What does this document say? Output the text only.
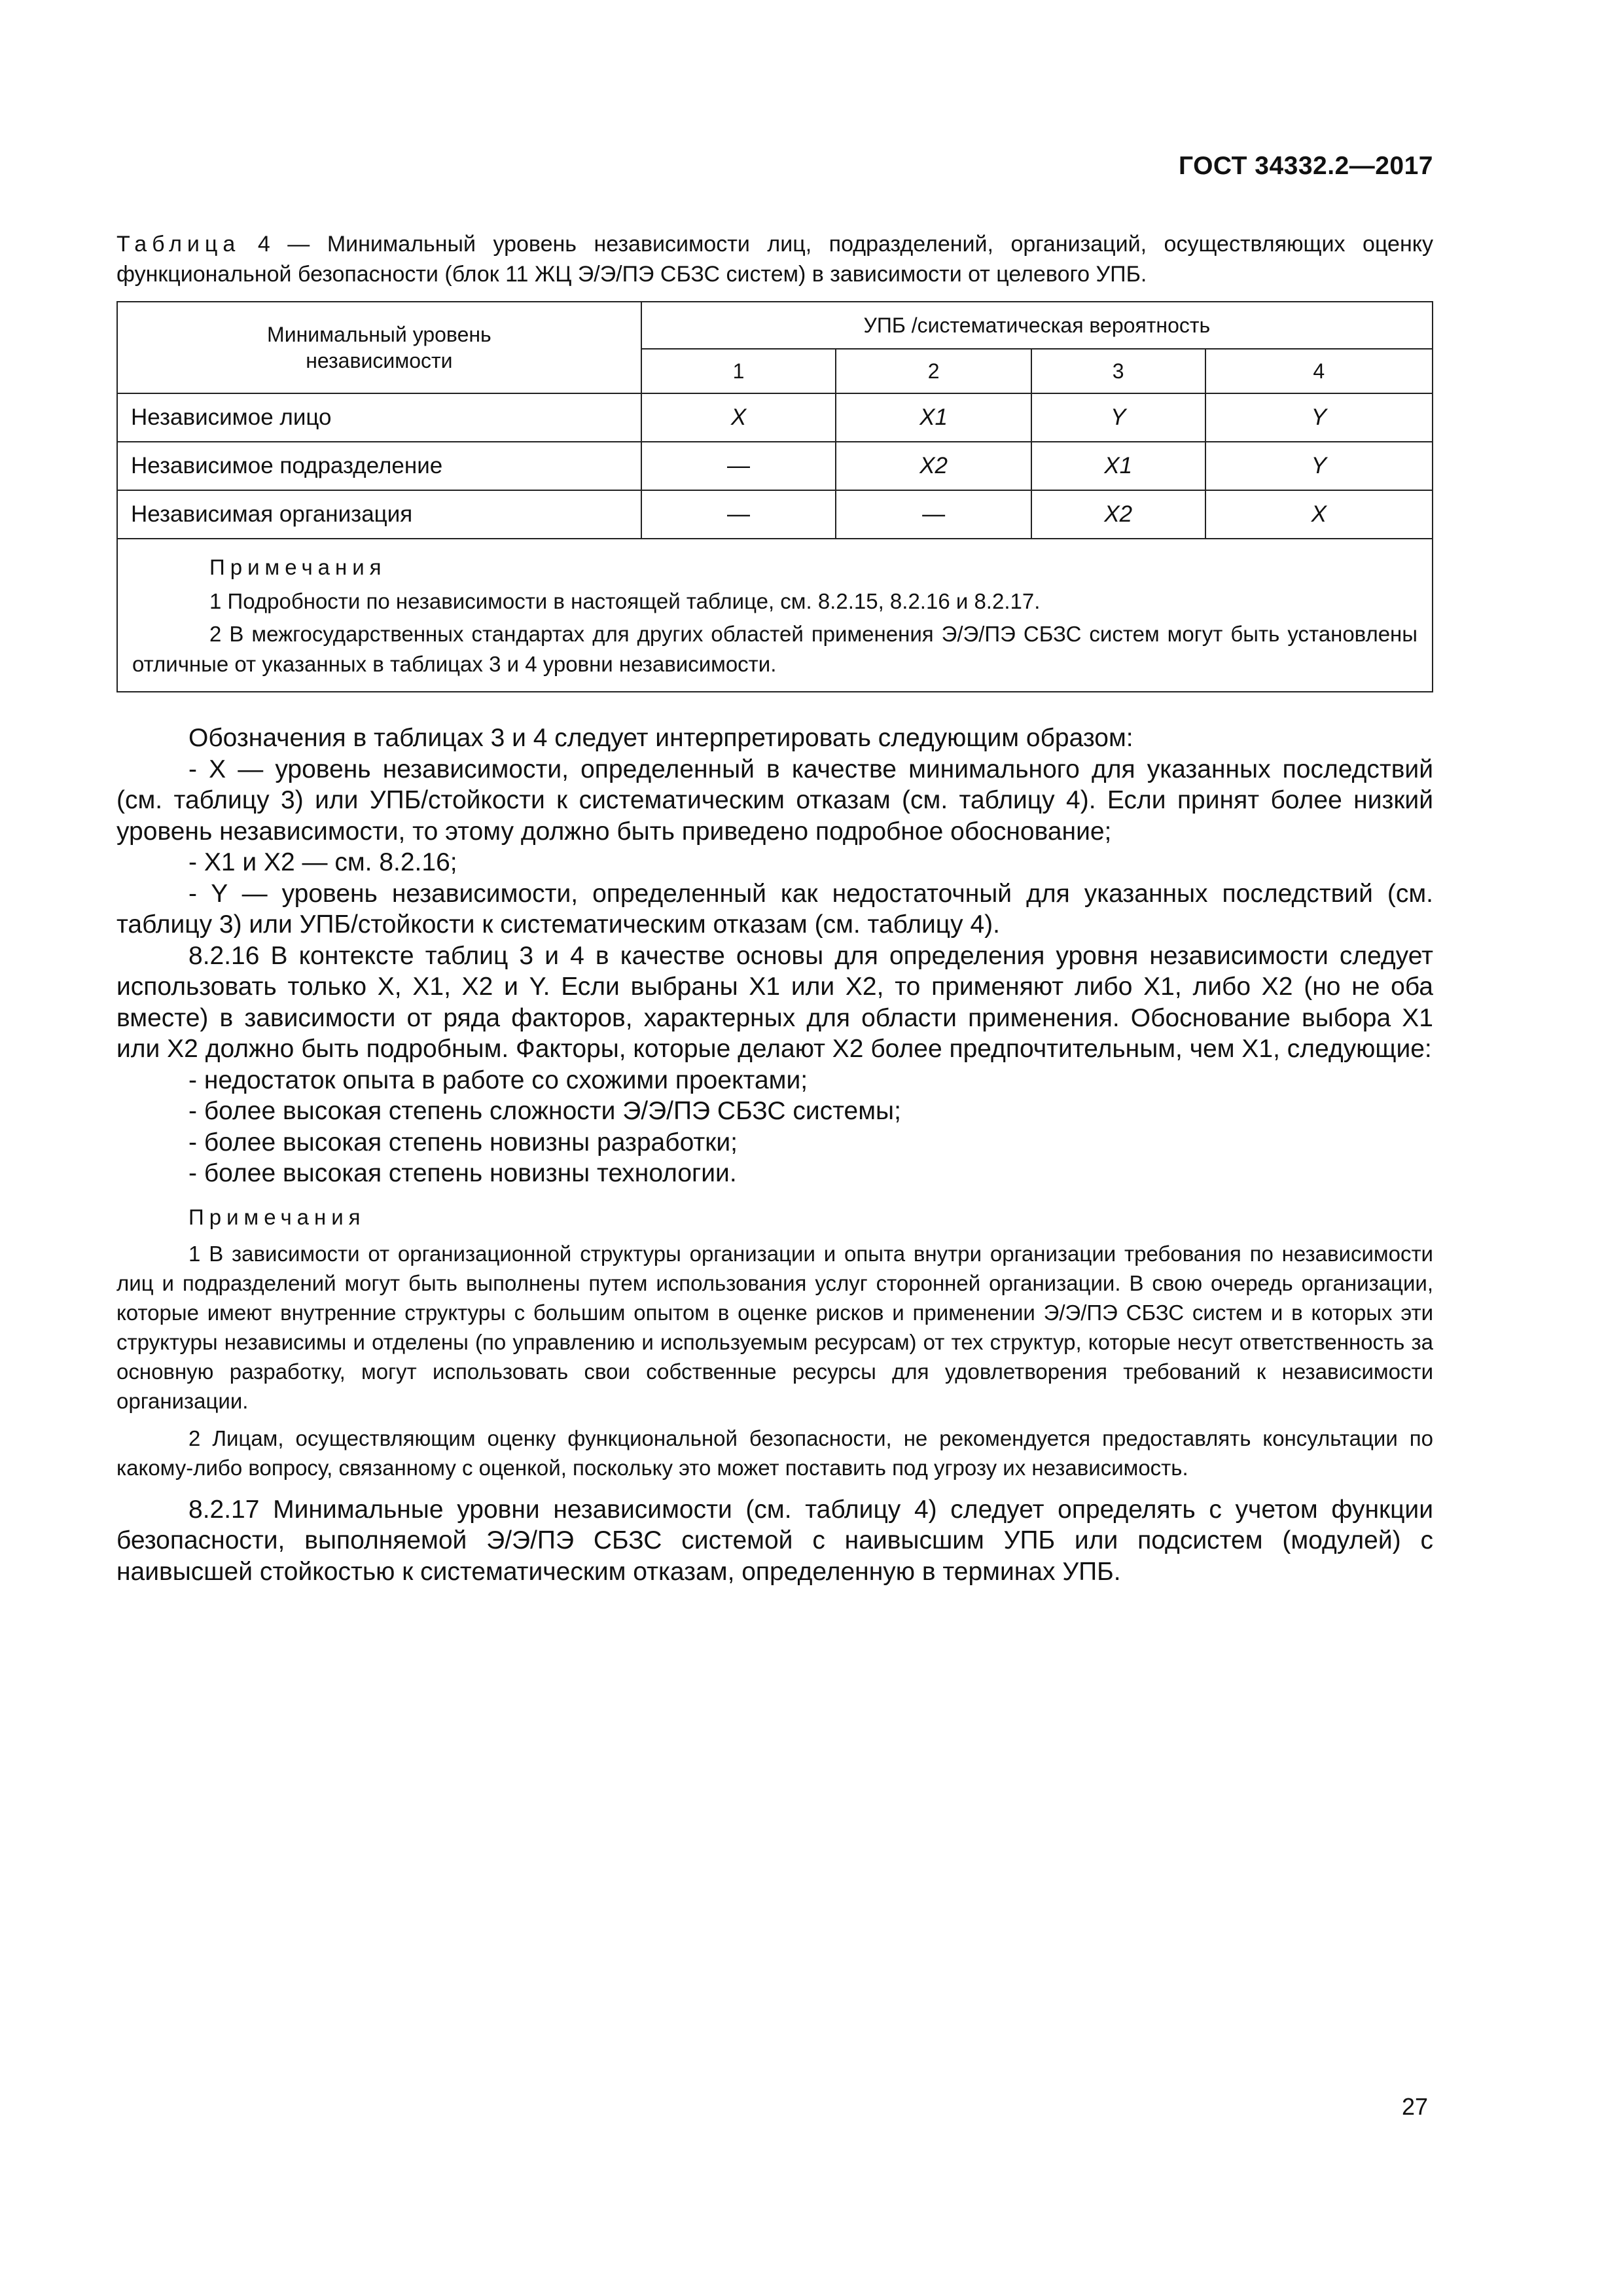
ГОСТ 34332.2—2017
Таблица 4 — Минимальный уровень независимости лиц, подразделений, организаций, осуществляющих оценку функциональной безопасности (блок 11 ЖЦ Э/Э/ПЭ СБЗС систем) в зависимости от целевого УПБ.
Минимальный уровень независимости	УПБ /систематическая вероятность			
	1	2	3	4
Независимое лицо	X	X1	Y	Y
Независимое подразделение	—	X2	X1	Y
Независимая организация	—	—	X2	X

Примечания

1 Подробности по независимости в настоящей таблице, см. 8.2.15, 8.2.16 и 8.2.17.

2 В межгосударственных стандартах для других областей применения Э/Э/ПЭ СБЗС систем могут быть установлены отличные от указанных в таблицах 3 и 4 уровни независимости.				

Обозначения в таблицах 3 и 4 следует интерпретировать следующим образом:

- X — уровень независимости, определенный в качестве минимального для указанных последствий (см. таблицу 3) или УПБ/стойкости к систематическим отказам (см. таблицу 4). Если принят более низкий уровень независимости, то этому должно быть приведено подробное обоснование;

- X1 и X2 — см. 8.2.16;

- Y — уровень независимости, определенный как недостаточный для указанных последствий (см. таблицу 3) или УПБ/стойкости к систематическим отказам (см. таблицу 4).

8.2.16 В контексте таблиц 3 и 4 в качестве основы для определения уровня независимости следует использовать только X, X1, X2 и Y. Если выбраны X1 или X2, то применяют либо X1, либо X2 (но не оба вместе) в зависимости от ряда факторов, характерных для области применения. Обоснование выбора X1 или X2 должно быть подробным. Факторы, которые делают X2 более предпочтительным, чем X1, следующие:

- недостаток опыта в работе со схожими проектами;

- более высокая степень сложности Э/Э/ПЭ СБЗС системы;

- более высокая степень новизны разработки;

- более высокая степень новизны технологии.

Примечания

1 В зависимости от организационной структуры организации и опыта внутри организации требования по независимости лиц и подразделений могут быть выполнены путем использования услуг сторонней организации. В свою очередь организации, которые имеют внутренние структуры с большим опытом в оценке рисков и применении Э/Э/ПЭ СБЗС систем и в которых эти структуры независимы и отделены (по управлению и используемым ресурсам) от тех структур, которые несут ответственность за основную разработку, могут использовать свои собственные ресурсы для удовлетворения требований к независимости организации.

2 Лицам, осуществляющим оценку функциональной безопасности, не рекомендуется предоставлять консультации по какому-либо вопросу, связанному с оценкой, поскольку это может поставить под угрозу их независимость.

8.2.17 Минимальные уровни независимости (см. таблицу 4) следует определять с учетом функции безопасности, выполняемой Э/Э/ПЭ СБЗС системой с наивысшим УПБ или подсистем (модулей) с наивысшей стойкостью к систематическим отказам, определенную в терминах УПБ.

27
